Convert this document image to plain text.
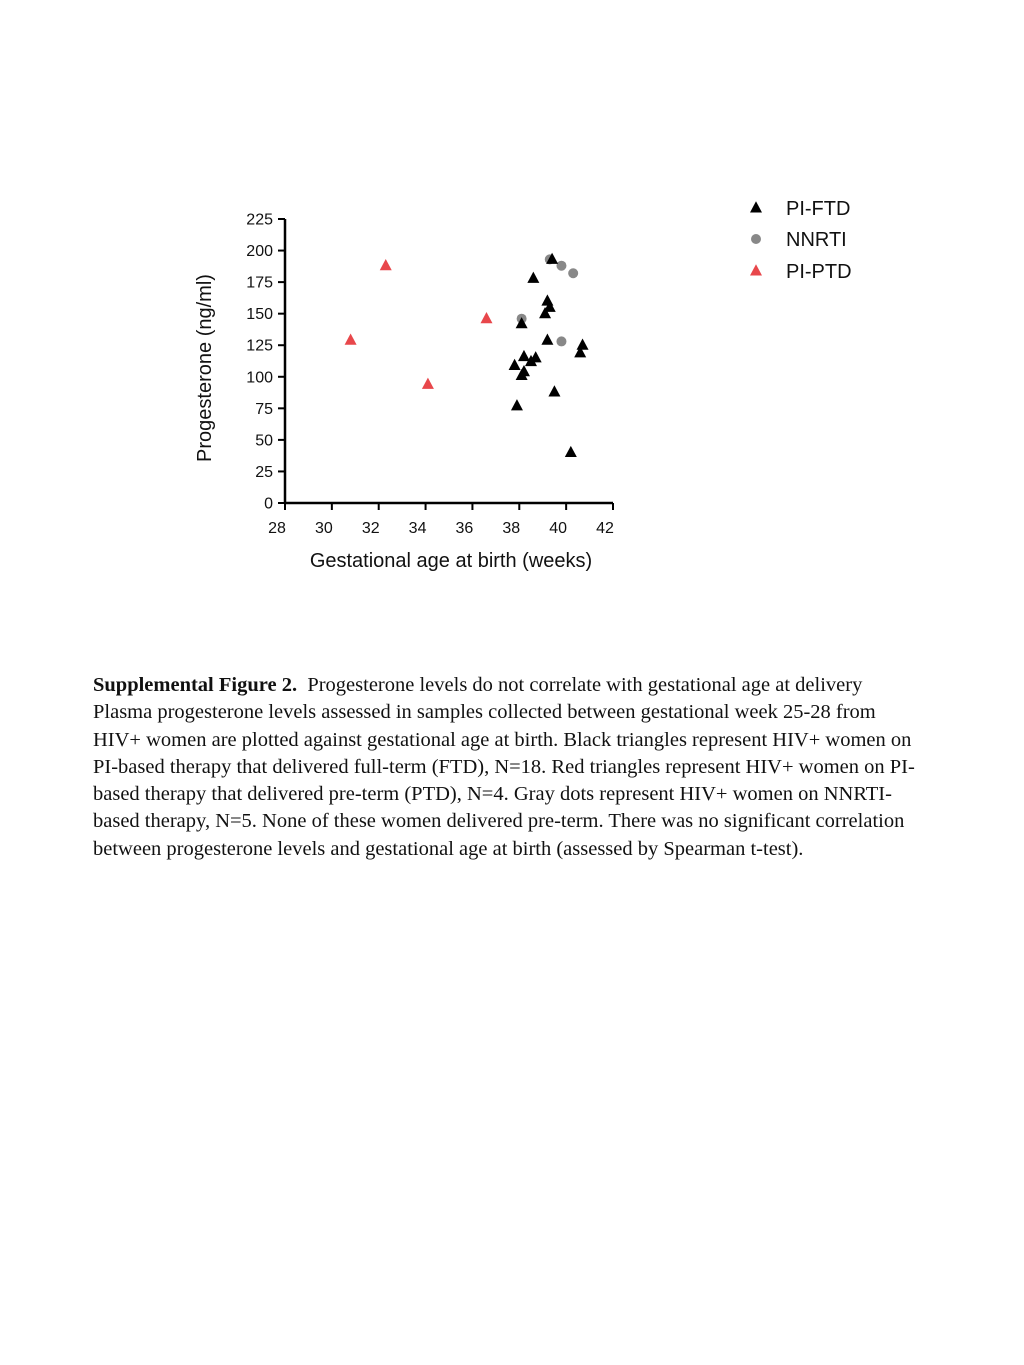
0
25
50
75
100
125
150
175
200
225
28 30 32 34 36 38 40 42
Gestational age at birth (weeks)
Progesterone (ng/ml)
PI-FTD
NNRTI
PI-PTD

Supplemental Figure 2. Progesterone levels do not correlate with gestational age at delivery

Plasma progesterone levels assessed in samples collected between gestational week 25-28 from HIV+ women are plotted against gestational age at birth. Black triangles represent HIV+ women on PI-based therapy that delivered full-term (FTD), N=18. Red triangles represent HIV+ women on PI-based therapy that delivered pre-term (PTD), N=4. Gray dots represent HIV+ women on NNRTI-based therapy, N=5. None of these women delivered pre-term. There was no significant correlation between progesterone levels and gestational age at birth (assessed by Spearman t-test).
